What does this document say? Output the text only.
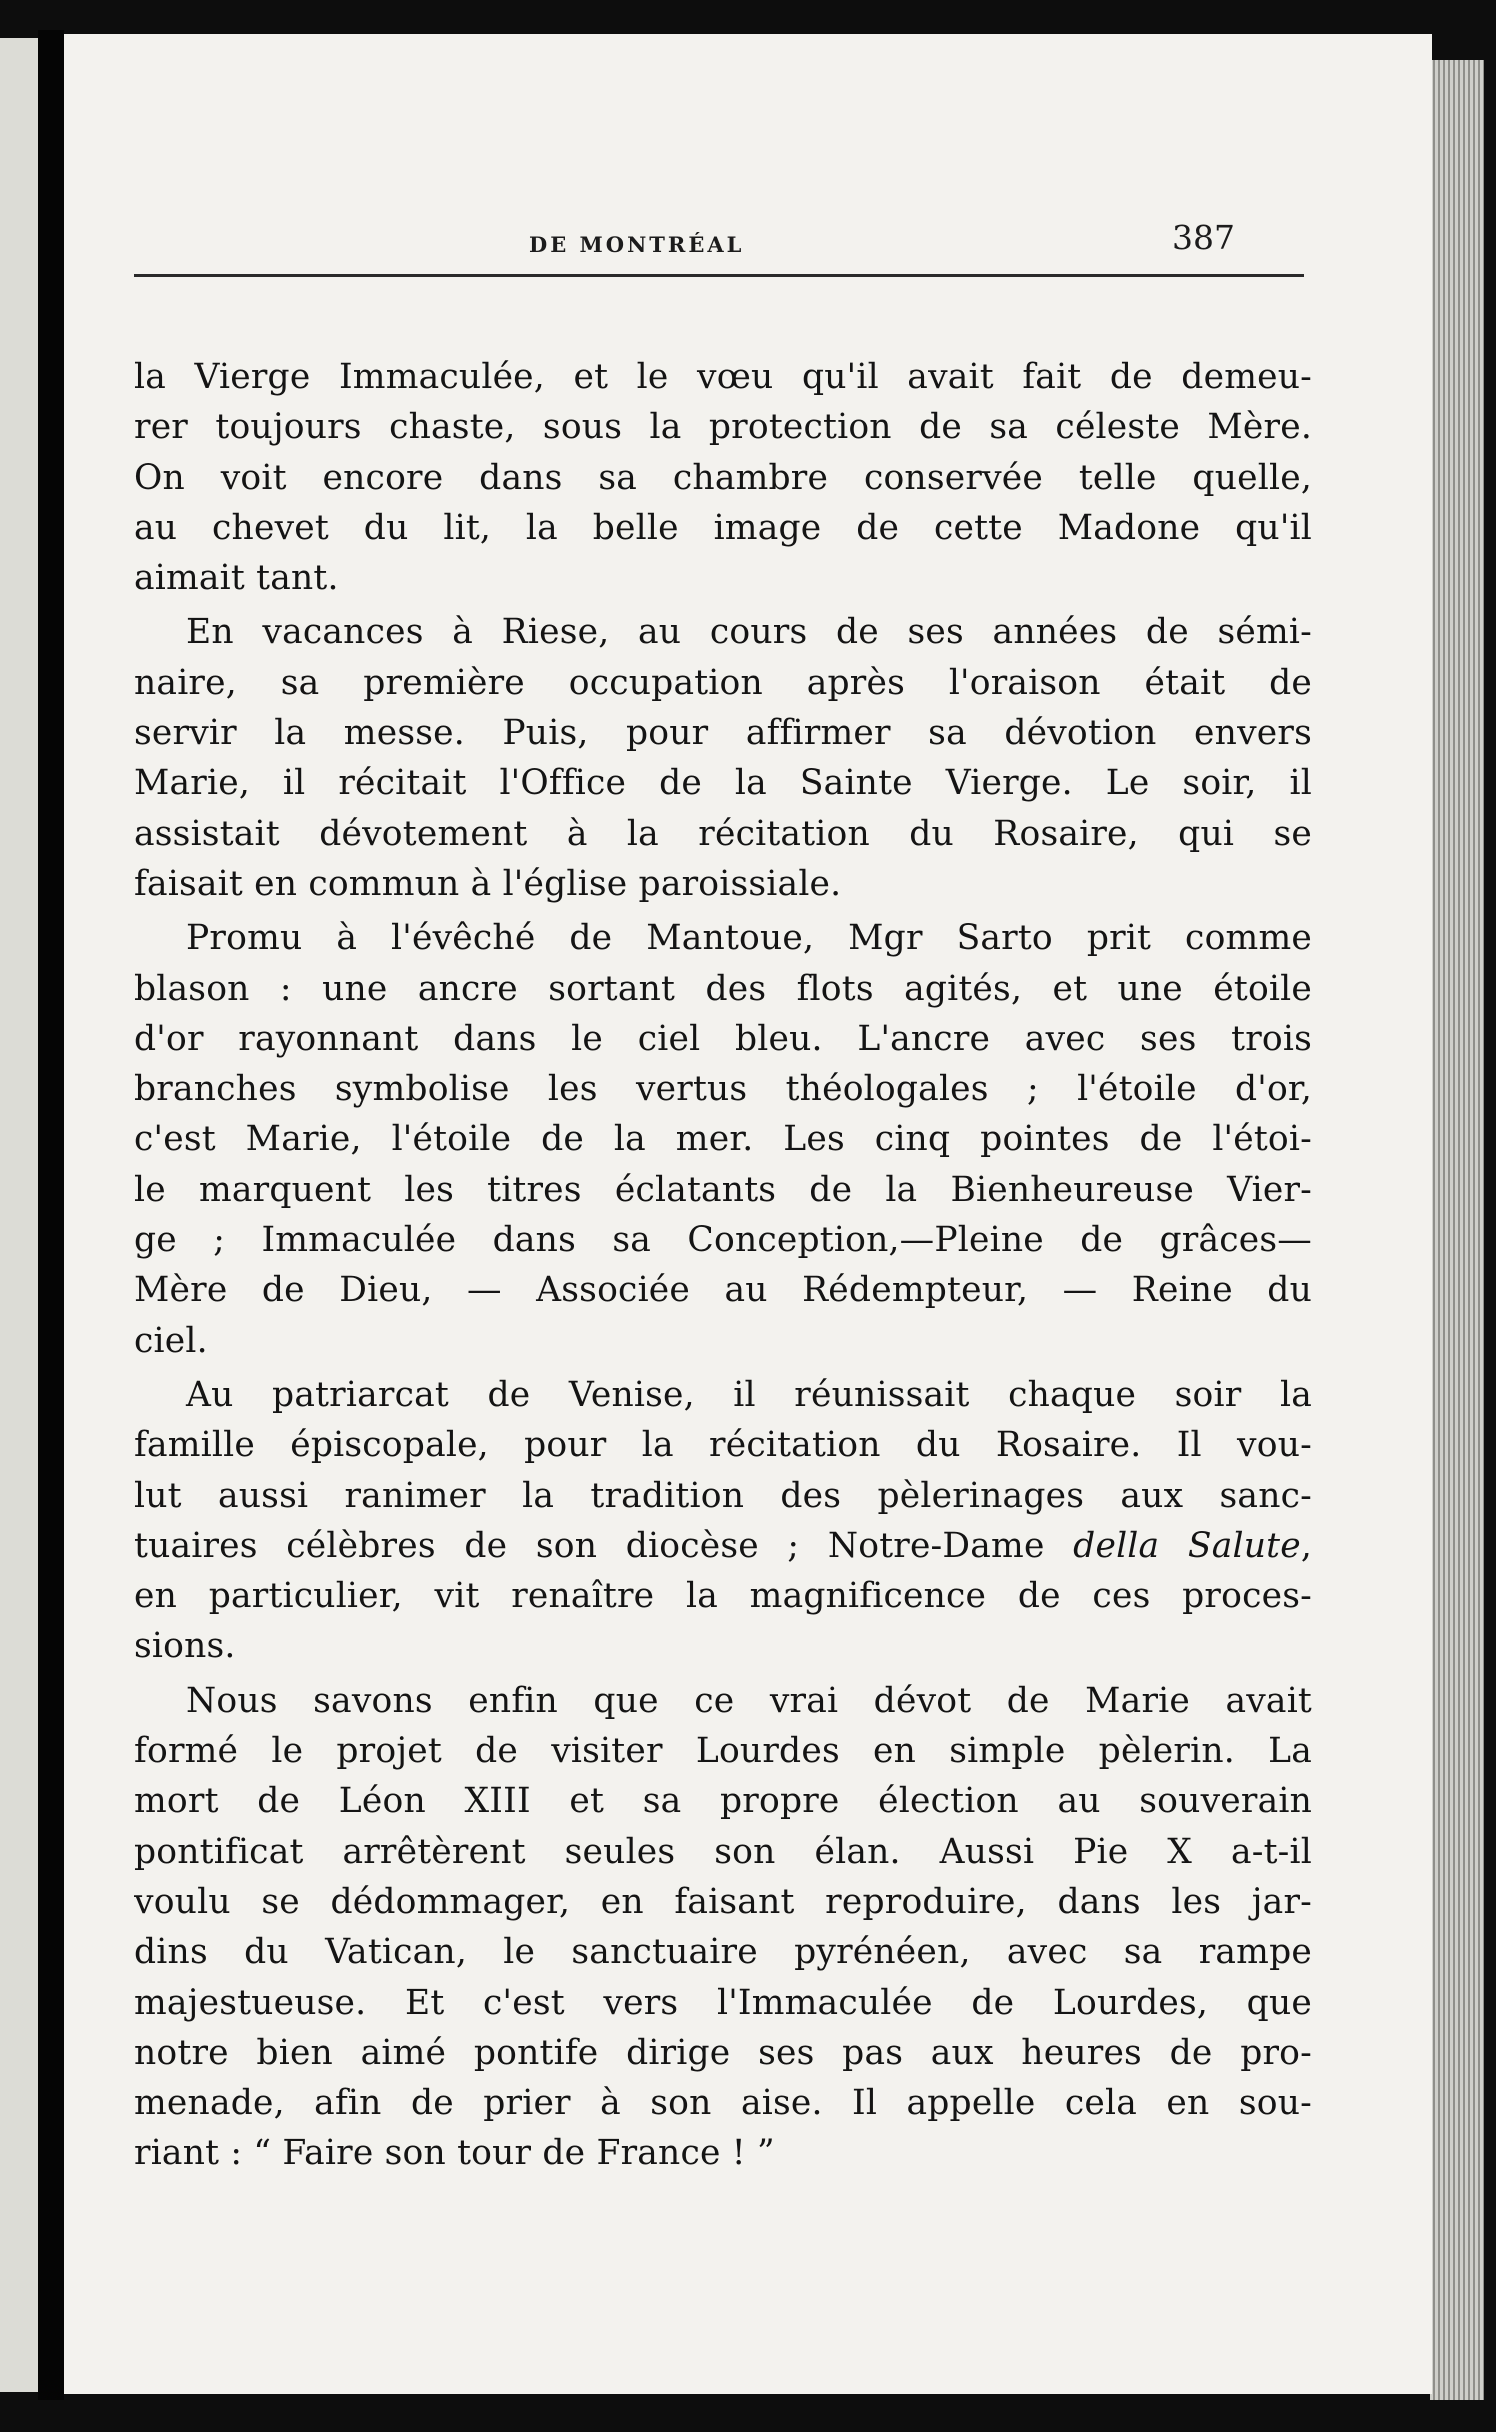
DE MONTRÉAL	387
la Vierge Immaculée, et le vœu qu'il avait fait de demeu-
rer toujours chaste, sous la protection de sa céleste Mère.
On voit encore dans sa chambre conservée telle quelle,
au chevet du lit, la belle image de cette Madone qu'il
aimait tant.
En vacances à Riese, au cours de ses années de sémi-
naire, sa première occupation après l'oraison était de
servir la messe. Puis, pour affirmer sa dévotion envers
Marie, il récitait l'Office de la Sainte Vierge. Le soir, il
assistait dévotement à la récitation du Rosaire, qui se
faisait en commun à l'église paroissiale.
Promu à l'évêché de Mantoue, Mgr Sarto prit comme
blason : une ancre sortant des flots agités, et une étoile
d'or rayonnant dans le ciel bleu. L'ancre avec ses trois
branches symbolise les vertus théologales ; l'étoile d'or,
c'est Marie, l'étoile de la mer. Les cinq pointes de l'étoi-
le marquent les titres éclatants de la Bienheureuse Vier-
ge ; Immaculée dans sa Conception,—Pleine de grâces—
Mère de Dieu, — Associée au Rédempteur, — Reine du
ciel.
Au patriarcat de Venise, il réunissait chaque soir la
famille épiscopale, pour la récitation du Rosaire. Il vou-
lut aussi ranimer la tradition des pèlerinages aux sanc-
tuaires célèbres de son diocèse ; Notre-Dame della Salute,
en particulier, vit renaître la magnificence de ces proces-
sions.
Nous savons enfin que ce vrai dévot de Marie avait
formé le projet de visiter Lourdes en simple pèlerin. La
mort de Léon XIII et sa propre élection au souverain
pontificat arrêtèrent seules son élan. Aussi Pie X a-t-il
voulu se dédommager, en faisant reproduire, dans les jar-
dins du Vatican, le sanctuaire pyrénéen, avec sa rampe
majestueuse. Et c'est vers l'Immaculée de Lourdes, que
notre bien aimé pontife dirige ses pas aux heures de pro-
menade, afin de prier à son aise. Il appelle cela en sou-
riant : “ Faire son tour de France ! ”
